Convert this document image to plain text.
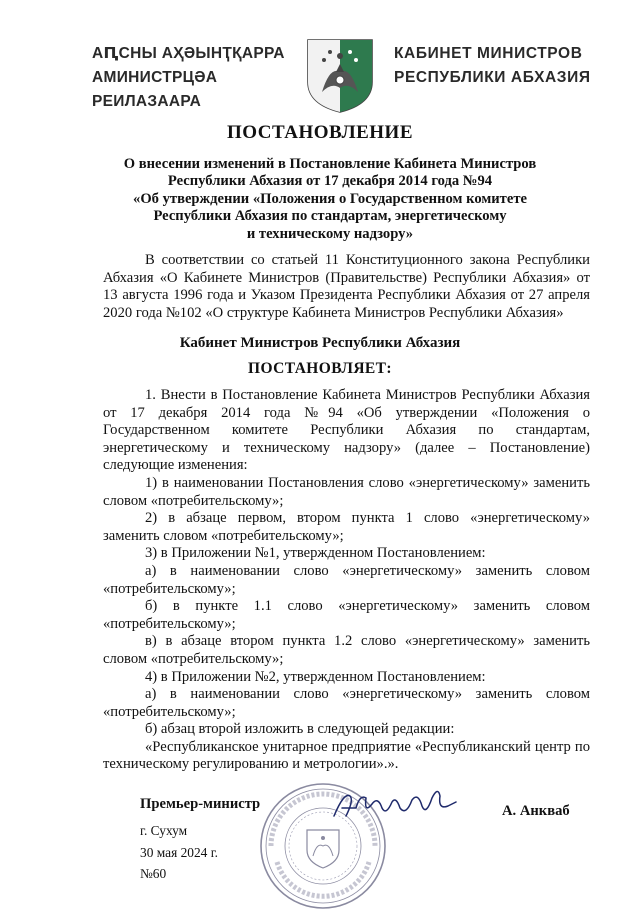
АԤСНЫ АҲӘЫНҬҚАРРА
АМИНИСТРЦӘА РЕИЛАЗААРА
КАБИНЕТ МИНИСТРОВ
РЕСПУБЛИКИ АБХАЗИЯ
ПОСТАНОВЛЕНИЕ
О внесении изменений в Постановление Кабинета Министров
Республики Абхазия от 17 декабря 2014 года №94
«Об утверждении «Положения о Государственном комитете
Республики Абхазия по стандартам, энергетическому
и техническому надзору»

В соответствии со статьей 11 Конституционного закона Республики Абхазия «О Кабинете Министров (Правительстве) Республики Абхазия» от 13 августа 1996 года и Указом Президента Республики Абхазия от 27 апреля 2020 года №102 «О структуре Кабинета Министров Республики Абхазия»

Кабинет Министров Республики Абхазия
ПОСТАНОВЛЯЕТ:

1. Внести в Постановление Кабинета Министров Республики Абхазия от 17 декабря 2014 года №94 «Об утверждении «Положения о Государственном комитете Республики Абхазия по стандартам, энергетическому и техническому надзору» (далее – Постановление) следующие изменения:

1) в наименовании Постановления слово «энергетическому» заменить словом «потребительскому»;

2) в абзаце первом, втором пункта 1 слово «энергетическому» заменить словом «потребительскому»;

3) в Приложении №1, утвержденном Постановлением:

а) в наименовании слово «энергетическому» заменить словом «потребительскому»;

б) в пункте 1.1 слово «энергетическому» заменить словом «потребительскому»;

в) в абзаце втором пункта 1.2 слово «энергетическому» заменить словом «потребительскому»;

4) в Приложении №2, утвержденном Постановлением:

а) в наименовании слово «энергетическому» заменить словом «потребительскому»;

б) абзац второй изложить в следующей редакции:

«Республиканское унитарное предприятие «Республиканский центр по техническому регулированию и метрологии».».

Премьер-министр	А. Анкваб
г. Сухум
30 мая 2024 г.
№60
